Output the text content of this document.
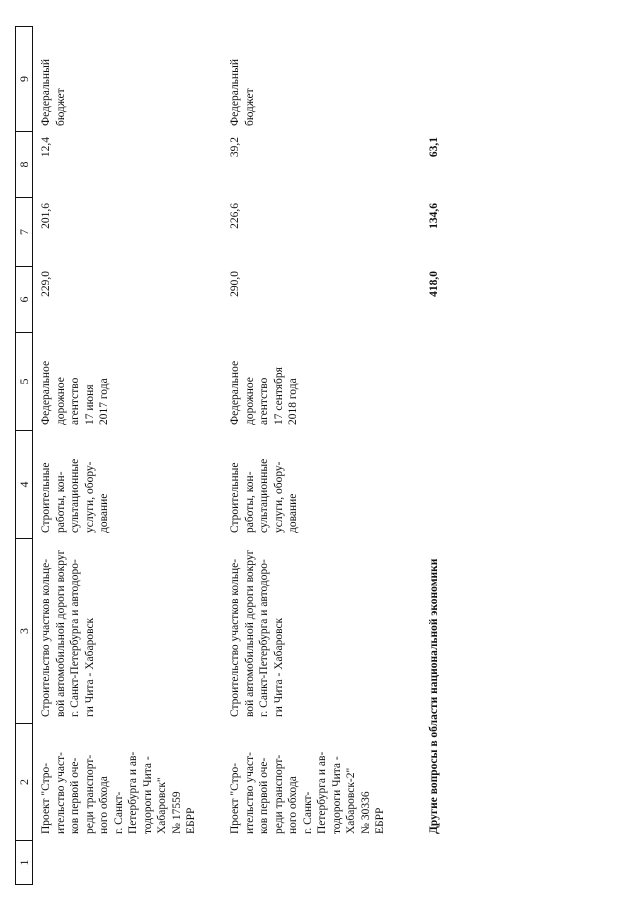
1
2
3
4
5
6
7
8
9
Проект "Стро-
ительство участ-
ков первой оче-
реди транспорт-
ного обхода
г. Санкт-
Петербурга и ав-
тодороги Чита -
Хабаровск"
№ 17559
ЕБРР
Строительство участков кольце-
вой автомобильной дороги вокруг
г. Санкт-Петербурга и автодоро-
ги Чита - Хабаровск
Строительные
работы, кон-
сультационные
услуги, обору-
дование
Федеральное
дорожное
агентство
17 июня
2017 года
229,0
201,6
12,4
Федеральный
бюджет
Проект "Стро-
ительство участ-
ков первой оче-
реди транспорт-
ного обхода
г. Санкт-
Петербурга и ав-
тодороги Чита -
Хабаровск-2"
№ 30336
ЕБРР
Строительство участков кольце-
вой автомобильной дороги вокруг
г. Санкт-Петербурга и автодоро-
ги Чита - Хабаровск
Строительные
работы, кон-
сультационные
услуги, обору-
дование
Федеральное
дорожное
агентство
17 сентября
2018 года
290,0
226,6
39,2
Федеральный
бюджет
Другие вопросы в области национальной экономики
418,0
134,6
63,1
